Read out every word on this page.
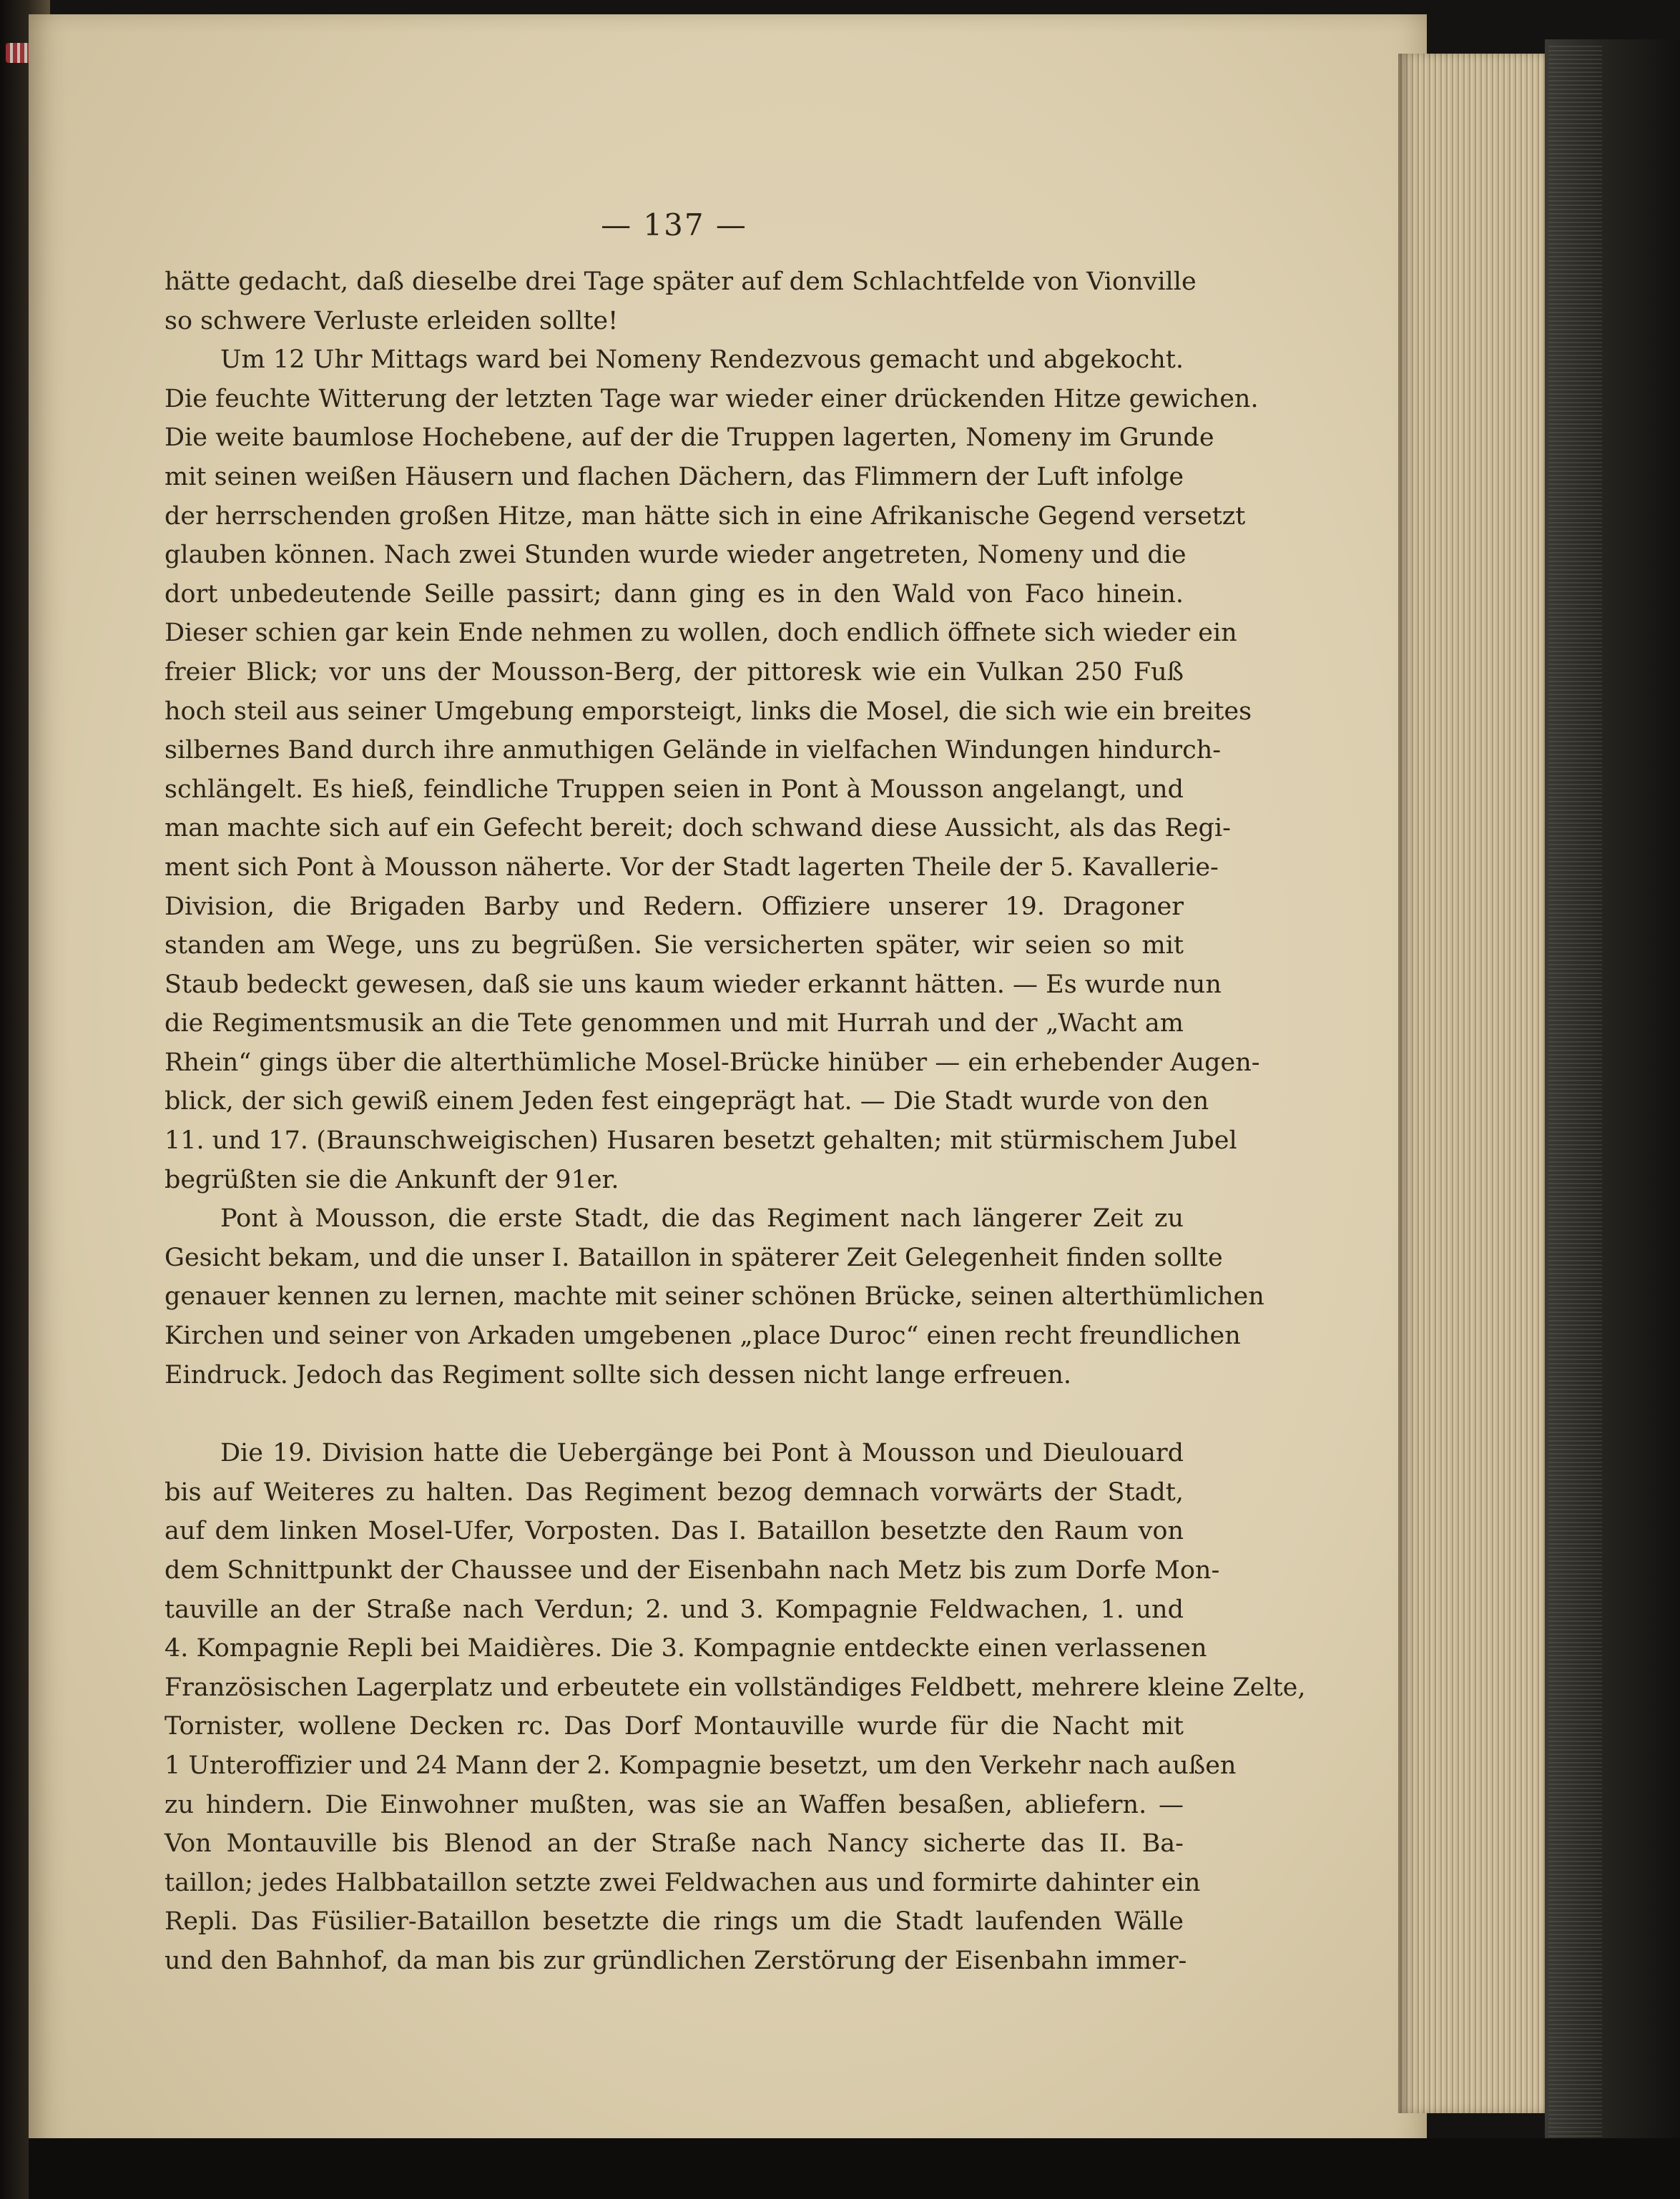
— 137 —
hätte gedacht, daß dieselbe drei Tage später auf dem Schlachtfelde von Vionville
so schwere Verluste erleiden sollte!
Um 12 Uhr Mittags ward bei Nomeny Rendezvous gemacht und abgekocht.
Die feuchte Witterung der letzten Tage war wieder einer drückenden Hitze gewichen.
Die weite baumlose Hochebene, auf der die Truppen lagerten, Nomeny im Grunde
mit seinen weißen Häusern und flachen Dächern, das Flimmern der Luft infolge
der herrschenden großen Hitze, man hätte sich in eine Afrikanische Gegend versetzt
glauben können. Nach zwei Stunden wurde wieder angetreten, Nomeny und die
dort unbedeutende Seille passirt; dann ging es in den Wald von Faco hinein.
Dieser schien gar kein Ende nehmen zu wollen, doch endlich öffnete sich wieder ein
freier Blick; vor uns der Mousson-Berg, der pittoresk wie ein Vulkan 250 Fuß
hoch steil aus seiner Umgebung emporsteigt, links die Mosel, die sich wie ein breites
silbernes Band durch ihre anmuthigen Gelände in vielfachen Windungen hindurch-
schlängelt. Es hieß, feindliche Truppen seien in Pont à Mousson angelangt, und
man machte sich auf ein Gefecht bereit; doch schwand diese Aussicht, als das Regi-
ment sich Pont à Mousson näherte. Vor der Stadt lagerten Theile der 5. Kavallerie-
Division, die Brigaden Barby und Redern. Offiziere unserer 19. Dragoner
standen am Wege, uns zu begrüßen. Sie versicherten später, wir seien so mit
Staub bedeckt gewesen, daß sie uns kaum wieder erkannt hätten. — Es wurde nun
die Regimentsmusik an die Tete genommen und mit Hurrah und der „Wacht am
Rhein“ gings über die alterthümliche Mosel-Brücke hinüber — ein erhebender Augen-
blick, der sich gewiß einem Jeden fest eingeprägt hat. — Die Stadt wurde von den
11. und 17. (Braunschweigischen) Husaren besetzt gehalten; mit stürmischem Jubel
begrüßten sie die Ankunft der 91er.
Pont à Mousson, die erste Stadt, die das Regiment nach längerer Zeit zu
Gesicht bekam, und die unser I. Bataillon in späterer Zeit Gelegenheit finden sollte
genauer kennen zu lernen, machte mit seiner schönen Brücke, seinen alterthümlichen
Kirchen und seiner von Arkaden umgebenen „place Duroc“ einen recht freundlichen
Eindruck. Jedoch das Regiment sollte sich dessen nicht lange erfreuen.
Die 19. Division hatte die Uebergänge bei Pont à Mousson und Dieulouard
bis auf Weiteres zu halten. Das Regiment bezog demnach vorwärts der Stadt,
auf dem linken Mosel-Ufer, Vorposten. Das I. Bataillon besetzte den Raum von
dem Schnittpunkt der Chaussee und der Eisenbahn nach Metz bis zum Dorfe Mon-
tauville an der Straße nach Verdun; 2. und 3. Kompagnie Feldwachen, 1. und
4. Kompagnie Repli bei Maidières. Die 3. Kompagnie entdeckte einen verlassenen
Französischen Lagerplatz und erbeutete ein vollständiges Feldbett, mehrere kleine Zelte,
Tornister, wollene Decken rc. Das Dorf Montauville wurde für die Nacht mit
1 Unteroffizier und 24 Mann der 2. Kompagnie besetzt, um den Verkehr nach außen
zu hindern. Die Einwohner mußten, was sie an Waffen besaßen, abliefern. —
Von Montauville bis Blenod an der Straße nach Nancy sicherte das II. Ba-
taillon; jedes Halbbataillon setzte zwei Feldwachen aus und formirte dahinter ein
Repli. Das Füsilier-Bataillon besetzte die rings um die Stadt laufenden Wälle
und den Bahnhof, da man bis zur gründlichen Zerstörung der Eisenbahn immer-
